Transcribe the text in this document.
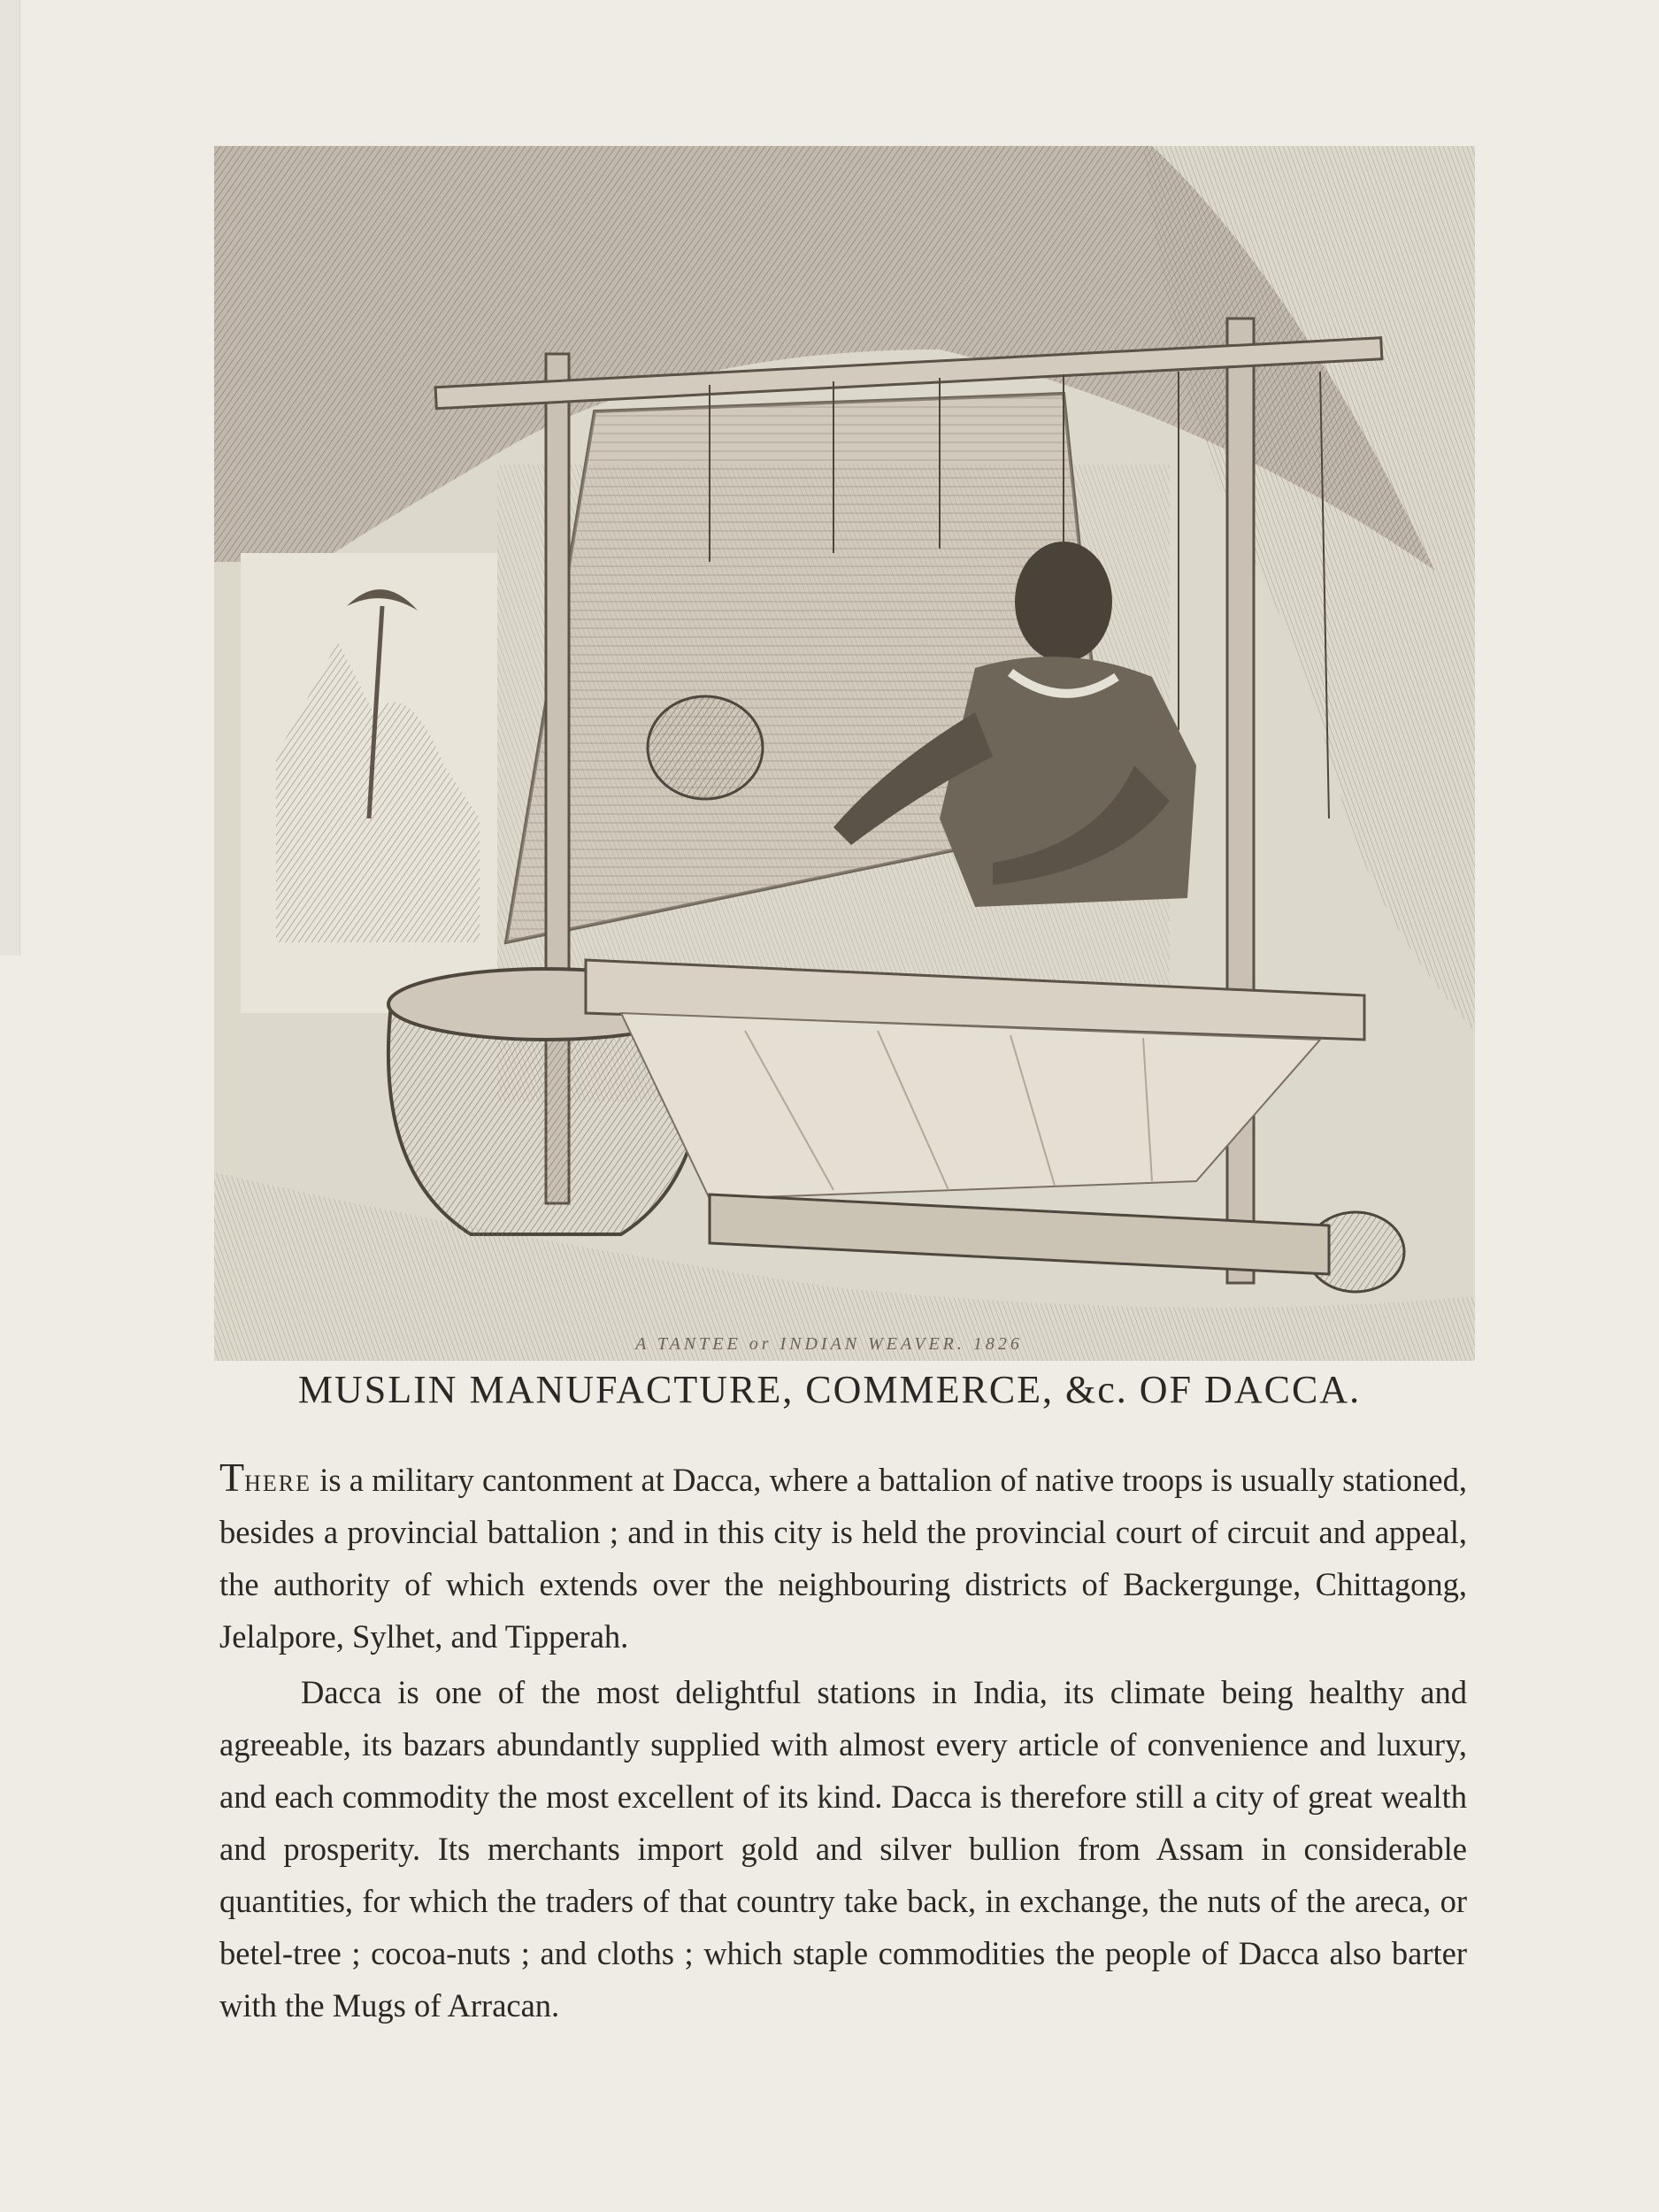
A TANTEE or INDIAN WEAVER. 1826
MUSLIN MANUFACTURE, COMMERCE, &c. OF DACCA.

There is a military cantonment at Dacca, where a battalion of native troops is usually stationed, besides a provincial battalion ; and in this city is held the provincial court of circuit and appeal, the authority of which extends over the neighbouring districts of Backergunge, Chittagong, Jelalpore, Sylhet, and Tipperah.

Dacca is one of the most delightful stations in India, its climate being healthy and agreeable, its bazars abundantly supplied with almost every article of convenience and luxury, and each commodity the most excellent of its kind. Dacca is therefore still a city of great wealth and prosperity. Its merchants import gold and silver bullion from Assam in considerable quantities, for which the traders of that country take back, in exchange, the nuts of the areca, or betel-tree ; cocoa-nuts ; and cloths ; which staple commodities the people of Dacca also barter with the Mugs of Arracan.
